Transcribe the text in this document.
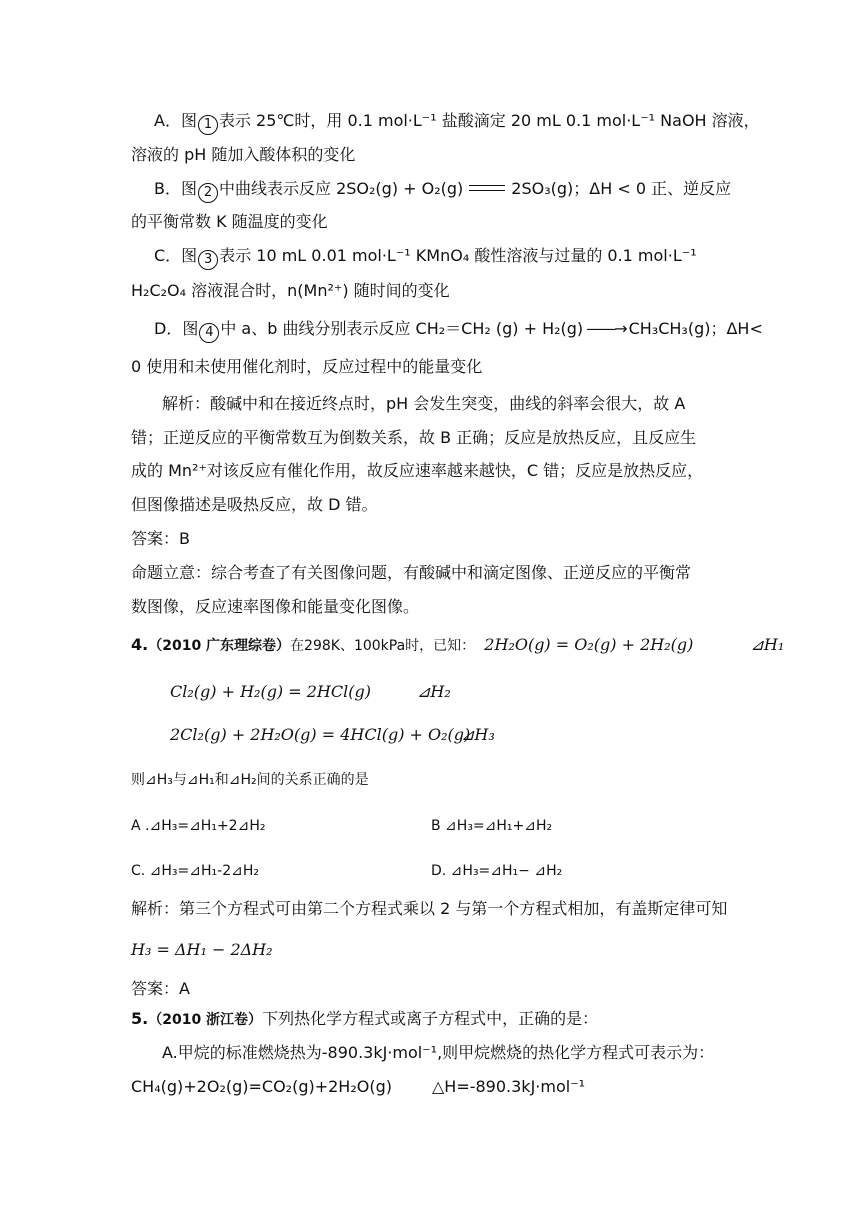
A．图 1 表示 25℃时，用 0.1 mol·L⁻¹ 盐酸滴定 20 mL 0.1 mol·L⁻¹ NaOH 溶液，
溶液的 pH 随加入酸体积的变化
B．图 2 中曲线表示反应 2SO₂(g) + O₂(g)	2SO₃(g)；ΔH < 0 正、逆反应
的平衡常数 K 随温度的变化
C．图 3 表示 10 mL 0.01 mol·L⁻¹ KMnO₄ 酸性溶液与过量的 0.1 mol·L⁻¹
H₂C₂O₄ 溶液混合时，n(Mn²⁺) 随时间的变化
D．图 4 中 a、b 曲线分别表示反应 CH₂＝CH₂ (g) + H₂(g) ——→ CH₃CH₃(g)；ΔH<
0 使用和未使用催化剂时，反应过程中的能量变化
解析：酸碱中和在接近终点时，pH 会发生突变，曲线的斜率会很大，故 A
错；正逆反应的平衡常数互为倒数关系，故 B 正确；反应是放热反应，且反应生
成的 Mn²⁺对该反应有催化作用，故反应速率越来越快，C 错；反应是放热反应，
但图像描述是吸热反应，故 D 错。
答案：B
命题立意：综合考查了有关图像问题，有酸碱中和滴定图像、正逆反应的平衡常
数图像，反应速率图像和能量变化图像。
4.（2010 广东理综卷）在298K、100kPa时，已知： 2H₂O(g) = O₂(g) + 2H₂(g)	⊿H₁
Cl₂(g) + H₂(g) = 2HCl(g)	⊿H₂
2Cl₂(g) + 2H₂O(g) = 4HCl(g) + O₂(g)
⊿H₃
则⊿H₃与⊿H₁和⊿H₂间的关系正确的是
A .⊿H₃=⊿H₁+2⊿H₂	B ⊿H₃=⊿H₁+⊿H₂
C. ⊿H₃=⊿H₁-2⊿H₂	D. ⊿H₃=⊿H₁− ⊿H₂
解析：第三个方程式可由第二个方程式乘以 2 与第一个方程式相加，有盖斯定律可知
H₃ = ΔH₁ − 2ΔH₂
答案：A
5.（2010 浙江卷）下列热化学方程式或离子方程式中，正确的是：
A.甲烷的标准燃烧热为-890.3kJ·mol⁻¹,则甲烷燃烧的热化学方程式可表示为：
CH₄(g)+2O₂(g)=CO₂(g)+2H₂O(g)	△H=-890.3kJ·mol⁻¹
